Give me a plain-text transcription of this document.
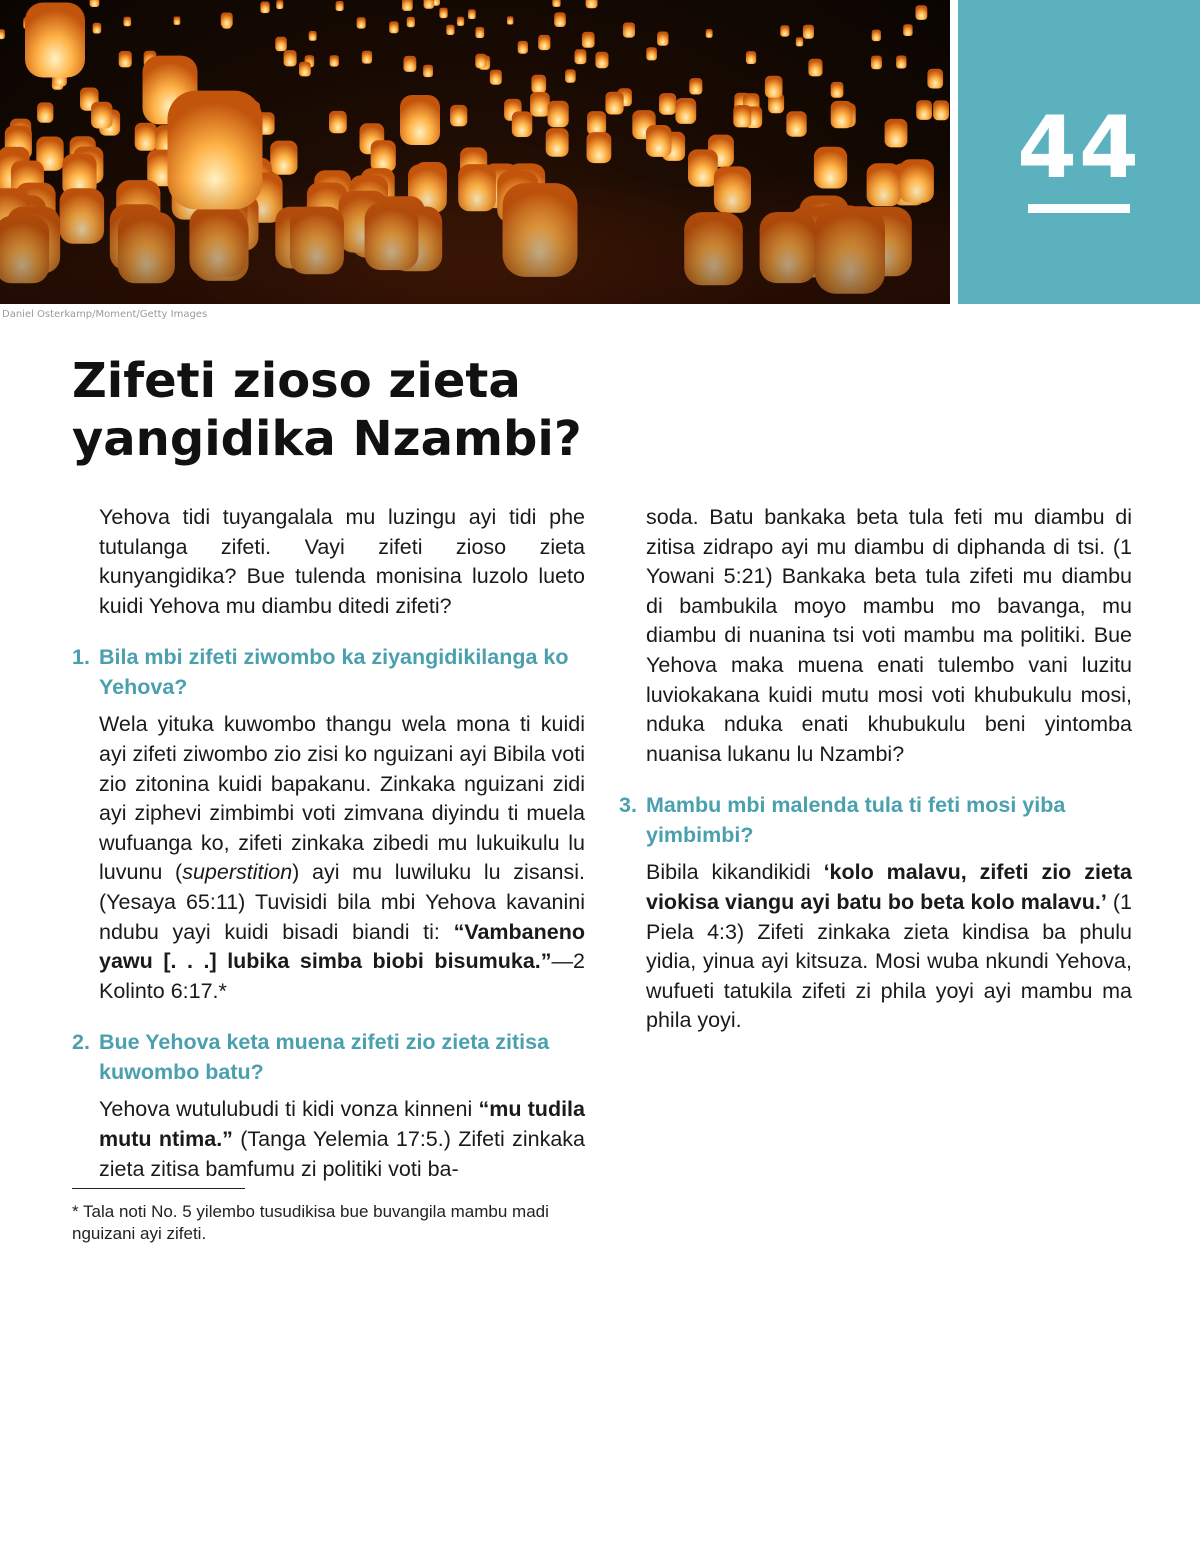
44
Daniel Osterkamp/Moment/Getty Images
Zifeti zioso zieta
yangidika Nzambi?

Yehova tidi tuyangalala mu luzingu ayi tidi phe tutulanga zifeti. Vayi zifeti zioso zieta kunyangidika? Bue tulenda monisina luzolo lueto kuidi Yehova mu diambu ditedi zifeti?

1. Bila mbi zifeti ziwombo ka ziyangidikilanga ko Yehova?

Wela yituka kuwombo thangu wela mona ti kuidi ayi zifeti ziwombo zio zisi ko nguizani ayi Bibila voti zio zitonina kuidi bapakanu. Zinkaka nguizani zidi ayi ziphevi zimbimbi voti zimvana diyindu ti muela wufuanga ko, zifeti zinkaka zibedi mu lukuikulu lu luvunu (superstition) ayi mu luwiluku lu zisansi. (Yesaya 65:11) Tuvisidi bila mbi Yehova kavanini ndubu yayi kuidi bisadi biandi ti: “Vambaneno yawu [. . .] lubika simba biobi bisumuka.”—2 Kolinto 6:17.*

2. Bue Yehova keta muena zifeti zio zieta zitisa kuwombo batu?

Yehova wutulubudi ti kidi vonza kinneni “mu tudila mutu ntima.” (Tanga Yelemia 17:5.) Zifeti zinkaka zieta zitisa bamfumu zi politiki voti ba-

soda. Batu bankaka beta tula feti mu diambu di zitisa zidrapo ayi mu diambu di diphanda di tsi. (1 Yowani 5:21) Bankaka beta tula zifeti mu diambu di bambukila moyo mambu mo bavanga, mu diambu di nuanina tsi voti mambu ma politiki. Bue Yehova maka muena enati tulembo vani luzitu luviokakana kuidi mutu mosi voti khubukulu mosi, nduka nduka enati khubukulu beni yintomba nuanisa lukanu lu Nzambi?

3. Mambu mbi malenda tula ti feti mosi yiba yimbimbi?

Bibila kikandikidi ‘kolo malavu, zifeti zio zieta viokisa viangu ayi batu bo beta kolo malavu.’ (1 Piela 4:3) Zifeti zinkaka zieta kindisa ba phulu yidia, yinua ayi kitsuza. Mosi wuba nkundi Yehova, wufueti tatukila zifeti zi phila yoyi ayi mambu ma phila yoyi.

* Tala noti No. 5 yilembo tusudikisa bue buvangila mambu madi nguizani ayi zifeti.
